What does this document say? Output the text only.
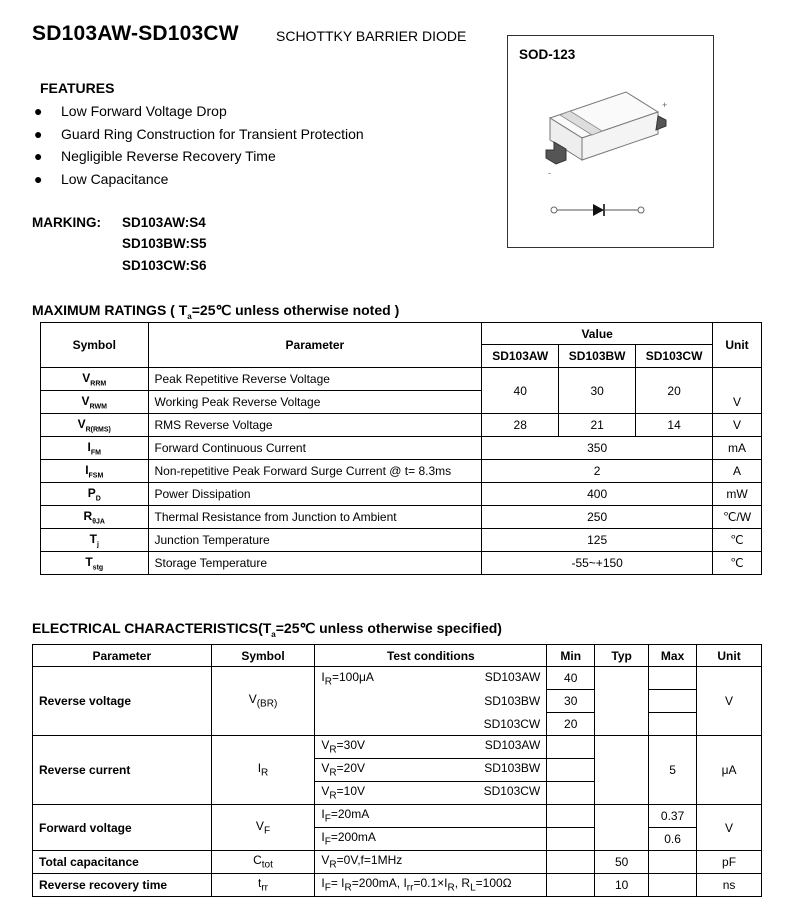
SD103AW-SD103CW	SCHOTTKY BARRIER DIODE
FEATURES
●	Low Forward Voltage Drop
●	Guard Ring Construction for Transient Protection
●	Negligible Reverse Recovery Time
●	Low Capacitance
MARKING:	SD103AW:S4
SD103BW:S5
SD103CW:S6
SOD-123
+
-
MAXIMUM RATINGS ( $T_a=25℃$ unless otherwise noted )
Symbol	Parameter	Value			Unit
		SD103AW	SD103BW	SD103CW	
$V_{RRM}$	Peak Repetitive Reverse Voltage	40	30	20	
$V_{RWM}$	Working Peak Reverse Voltage				V
$V_{R(RMS)}$	RMS Reverse Voltage	28	21	14	V
$I_{FM}$	Forward Continuous Current	350			mA
$I_{FSM}$	Non-repetitive Peak Forward Surge Current @ t= 8.3ms	2			A
$P_D$	Power Dissipation	400			mW
$R_{\theta JA}$	Thermal Resistance from Junction to Ambient	250			℃/W
$T_j$	Junction Temperature	125			℃
$T_{stg}$	Storage Temperature	-55~+150			℃
ELECTRICAL $CHARACTERISTICS(T_a=25℃$ unless otherwise specified)
Parameter	Symbol	Test conditions	Min	Typ	Max	Unit
Reverse voltage	$V_{(BR)}$	$I_R=100\mu A$ SD103AW	40			V

		SD103BW	30			

		SD103CW	20			
Reverse current	$I_R$	$V_R=30V$ SD103AW			5	μA

		$V_R=20V$ SD103BW				

		$V_R=10V$ SD103CW				

Forward voltage	$V_F$	$I_F=20mA$			0.37	V
		$I_F=200mA$			0.6	
Total capacitance	$C_{tot}$	$V_R=0V,f=1MHz$		50		pF
Reverse recovery time	$t_{rr}$	$I_F= I_R=200mA$, $I_{rr}=0.1\times I_R$, $R_L=100\Omega$		10		ns
